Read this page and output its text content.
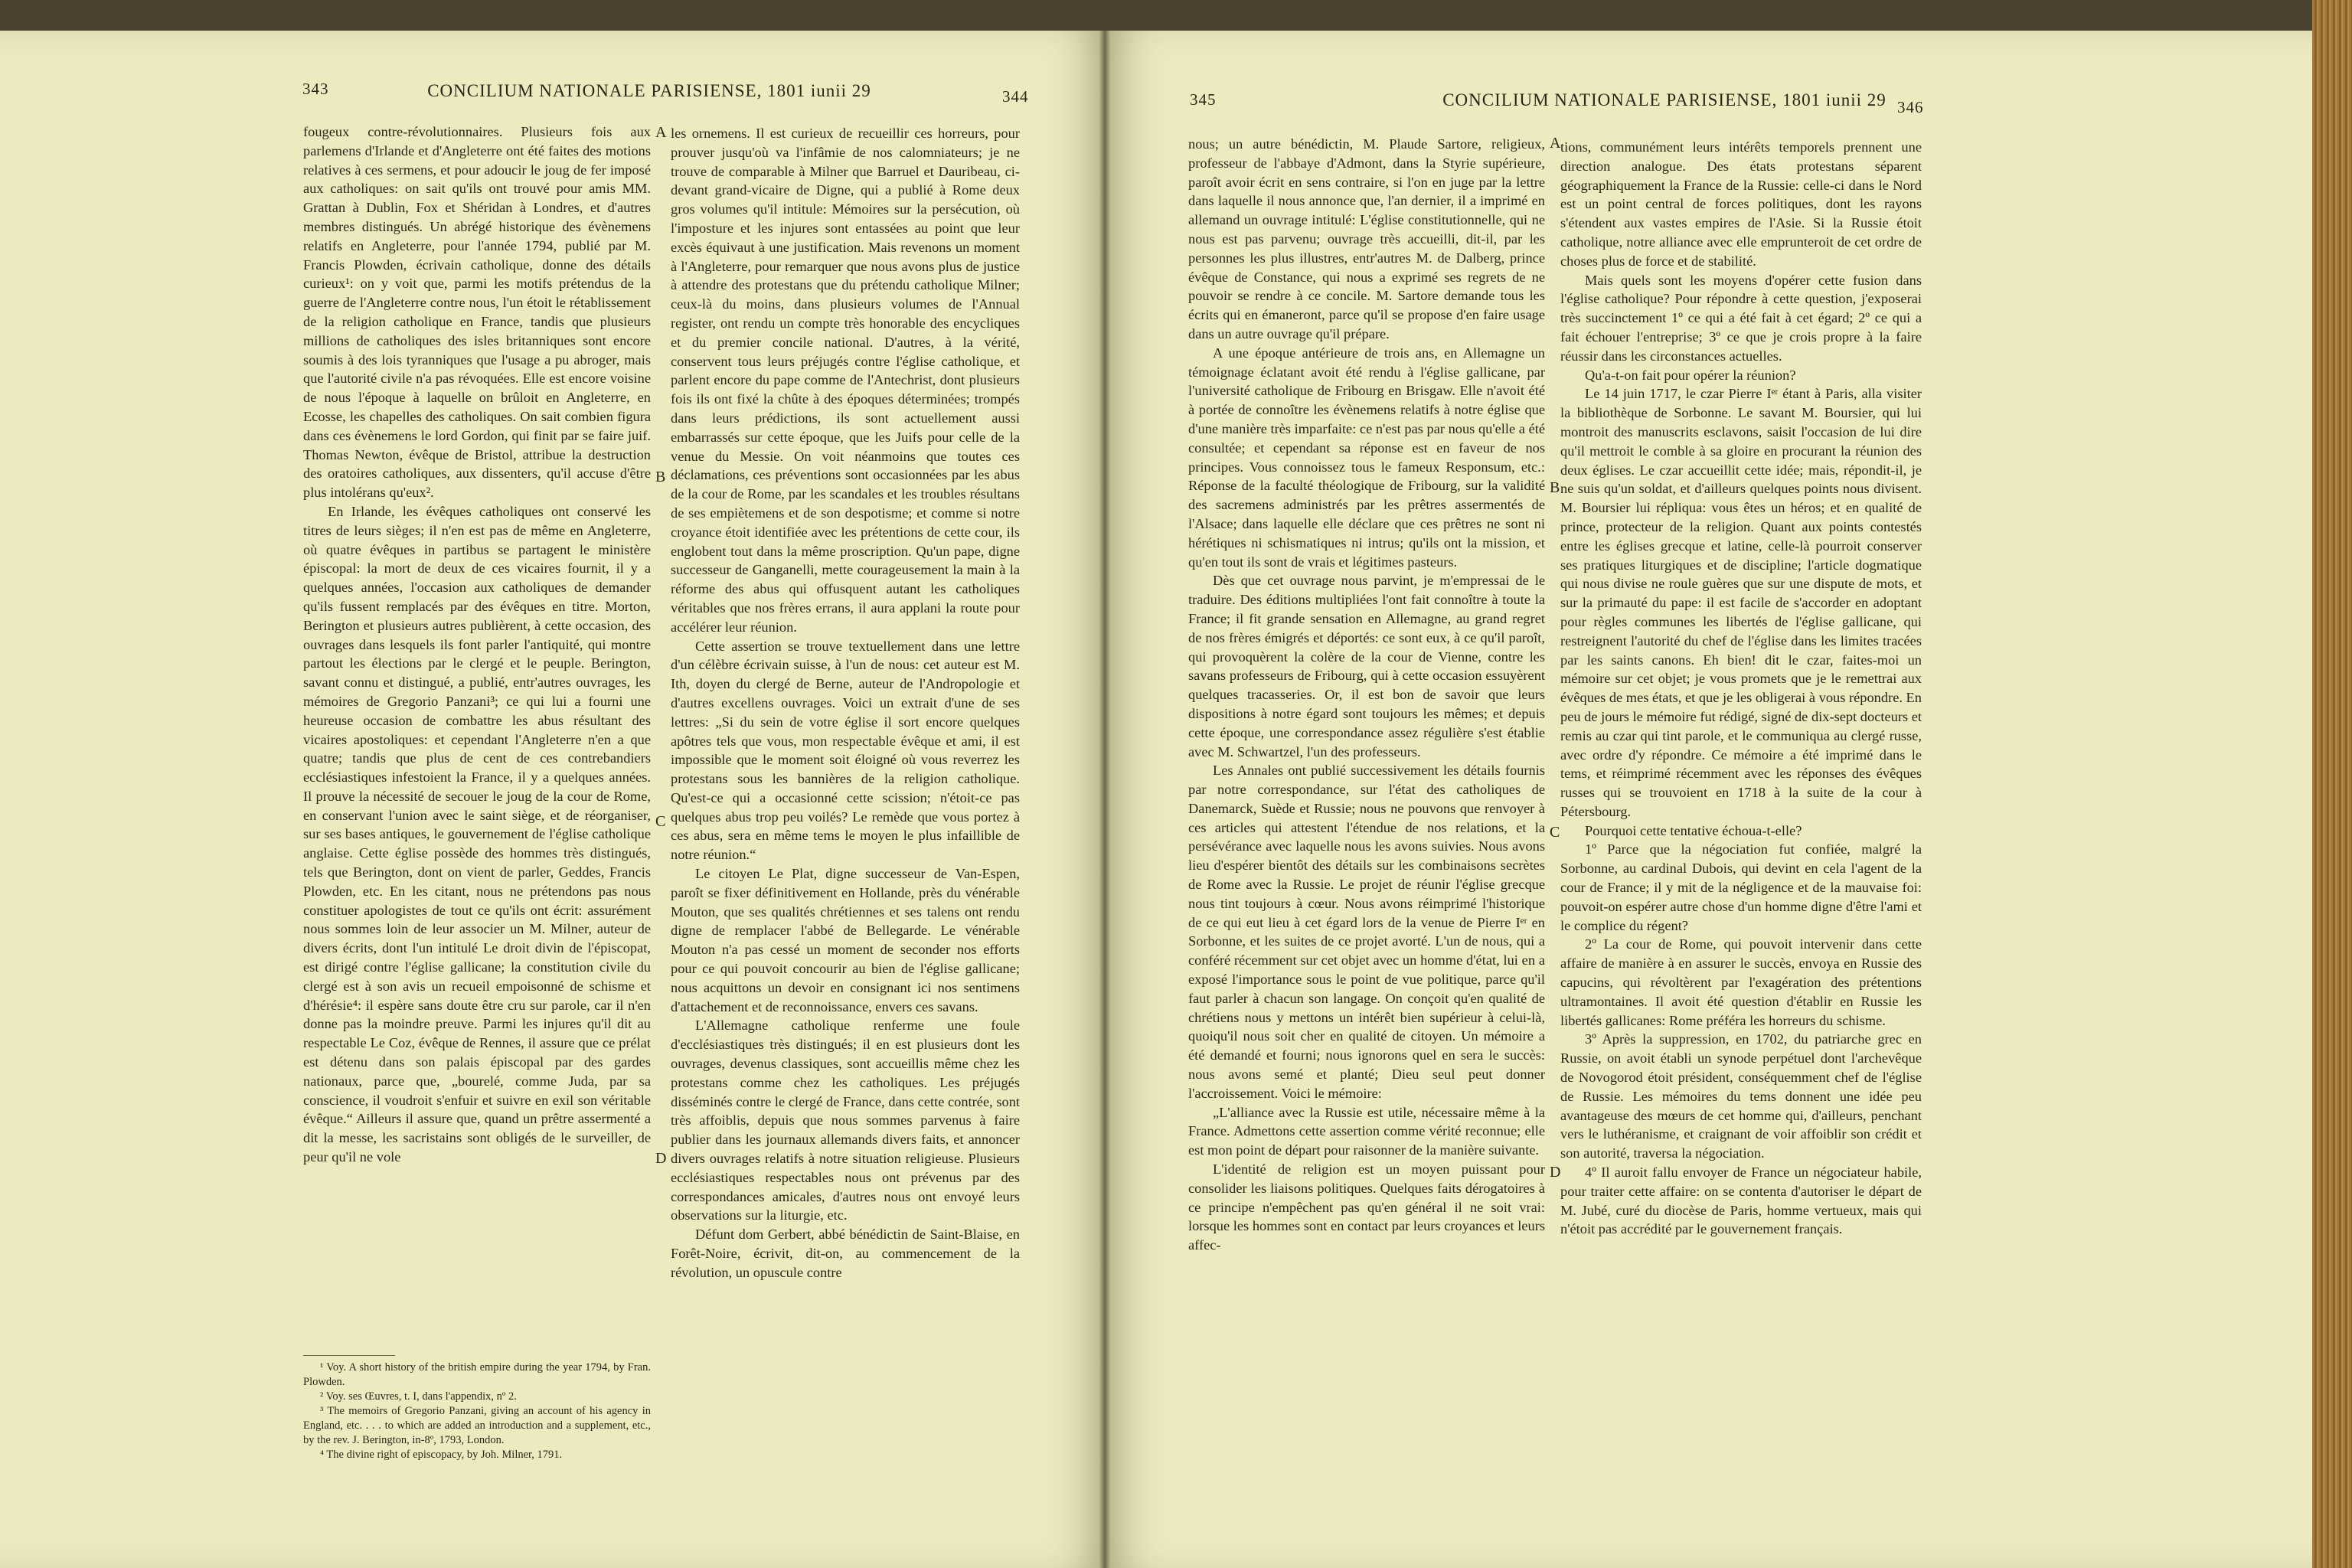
343	CONCILIUM NATIONALE PARISIENSE, 1801 iunii 29	344	345	CONCILIUM NATIONALE PARISIENSE, 1801 iunii 29 346

fougeux contre-révolutionnaires. Plusieurs fois aux parlemens d'Irlande et d'Angleterre ont été faites des motions relatives à ces sermens, et pour adoucir le joug de fer imposé aux catholiques: on sait qu'ils ont trouvé pour amis MM. Grattan à Dublin, Fox et Shéridan à Londres, et d'autres membres distingués. Un abrégé historique des évènemens relatifs en Angleterre, pour l'année 1794, publié par M. Francis Plowden, écrivain catholique, donne des détails curieux¹: on y voit que, parmi les motifs prétendus de la guerre de l'Angleterre contre nous, l'un étoit le rétablissement de la religion catholique en France, tandis que plusieurs millions de catholiques des isles britanniques sont encore soumis à des lois tyranniques que l'usage a pu abroger, mais que l'autorité civile n'a pas révoquées. Elle est encore voisine de nous l'époque à laquelle on brûloit en Angleterre, en Ecosse, les chapelles des catholiques. On sait combien figura dans ces évènemens le lord Gordon, qui finit par se faire juif. Thomas Newton, évêque de Bristol, attribue la destruction des oratoires catholiques, aux dissenters, qu'il accuse d'être plus intolérans qu'eux².

En Irlande, les évêques catholiques ont conservé les titres de leurs sièges; il n'en est pas de même en Angleterre, où quatre évêques in partibus se partagent le ministère épiscopal: la mort de deux de ces vicaires fournit, il y a quelques années, l'occasion aux catholiques de demander qu'ils fussent remplacés par des évêques en titre. Morton, Berington et plusieurs autres publièrent, à cette occasion, des ouvrages dans lesquels ils font parler l'antiquité, qui montre partout les élections par le clergé et le peuple. Berington, savant connu et distingué, a publié, entr'autres ouvrages, les mémoires de Gregorio Panzani³; ce qui lui a fourni une heureuse occasion de combattre les abus résultant des vicaires apostoliques: et cependant l'Angleterre n'en a que quatre; tandis que plus de cent de ces contrebandiers ecclésiastiques infestoient la France, il y a quelques années. Il prouve la nécessité de secouer le joug de la cour de Rome, en conservant l'union avec le saint siège, et de réorganiser, sur ses bases antiques, le gouvernement de l'église catholique anglaise. Cette église possède des hommes très distingués, tels que Berington, dont on vient de parler, Geddes, Francis Plowden, etc. En les citant, nous ne prétendons pas nous constituer apologistes de tout ce qu'ils ont écrit: assurément nous sommes loin de leur associer un M. Milner, auteur de divers écrits, dont l'un intitulé Le droit divin de l'épiscopat, est dirigé contre l'église gallicane; la constitution civile du clergé est à son avis un recueil empoisonné de schisme et d'hérésie⁴: il espère sans doute être cru sur parole, car il n'en donne pas la moindre preuve. Parmi les injures qu'il dit au respectable Le Coz, évêque de Rennes, il assure que ce prélat est détenu dans son palais épiscopal par des gardes nationaux, parce que, „bourelé, comme Juda, par sa conscience, il voudroit s'enfuir et suivre en exil son véritable évêque.“ Ailleurs il assure que, quand un prêtre assermenté a dit la messe, les sacristains sont obligés de le surveiller, de peur qu'il ne vole

¹ Voy. A short history of the british empire during the year 1794, by Fran. Plowden.

² Voy. ses Œuvres, t. I, dans l'appendix, nº 2.

³ The memoirs of Gregorio Panzani, giving an account of his agency in England, etc. . . . to which are added an introduction and a supplement, etc., by the rev. J. Berington, in-8º, 1793, London.

⁴ The divine right of episcopacy, by Joh. Milner, 1791.

les ornemens. Il est curieux de recueillir ces horreurs, pour prouver jusqu'où va l'infâmie de nos calomniateurs; je ne trouve de comparable à Milner que Barruel et Dauribeau, ci-devant grand-vicaire de Digne, qui a publié à Rome deux gros volumes qu'il intitule: Mémoires sur la persécution, où l'imposture et les injures sont entassées au point que leur excès équivaut à une justification. Mais revenons un moment à l'Angleterre, pour remarquer que nous avons plus de justice à attendre des protestans que du prétendu catholique Milner; ceux-là du moins, dans plusieurs volumes de l'Annual register, ont rendu un compte très honorable des encycliques et du premier concile national. D'autres, à la vérité, conservent tous leurs préjugés contre l'église catholique, et parlent encore du pape comme de l'Antechrist, dont plusieurs fois ils ont fixé la chûte à des époques déterminées; trompés dans leurs prédictions, ils sont actuellement aussi embarrassés sur cette époque, que les Juifs pour celle de la venue du Messie. On voit néanmoins que toutes ces déclamations, ces préventions sont occasionnées par les abus de la cour de Rome, par les scandales et les troubles résultans de ses empiètemens et de son despotisme; et comme si notre croyance étoit identifiée avec les prétentions de cette cour, ils englobent tout dans la même proscription. Qu'un pape, digne successeur de Ganganelli, mette courageusement la main à la réforme des abus qui offusquent autant les catholiques véritables que nos frères errans, il aura applani la route pour accélérer leur réunion.

Cette assertion se trouve textuellement dans une lettre d'un célèbre écrivain suisse, à l'un de nous: cet auteur est M. Ith, doyen du clergé de Berne, auteur de l'Andropologie et d'autres excellens ouvrages. Voici un extrait d'une de ses lettres: „Si du sein de votre église il sort encore quelques apôtres tels que vous, mon respectable évêque et ami, il est impossible que le moment soit éloigné où vous reverrez les protestans sous les bannières de la religion catholique. Qu'est-ce qui a occasionné cette scission; n'étoit-ce pas quelques abus trop peu voilés? Le remède que vous portez à ces abus, sera en même tems le moyen le plus infaillible de notre réunion.“

Le citoyen Le Plat, digne successeur de Van-Espen, paroît se fixer définitivement en Hollande, près du vénérable Mouton, que ses qualités chrétiennes et ses talens ont rendu digne de remplacer l'abbé de Bellegarde. Le vénérable Mouton n'a pas cessé un moment de seconder nos efforts pour ce qui pouvoit concourir au bien de l'église gallicane; nous acquittons un devoir en consignant ici nos sentimens d'attachement et de reconnoissance, envers ces savans.

L'Allemagne catholique renferme une foule d'ecclésiastiques très distingués; il en est plusieurs dont les ouvrages, devenus classiques, sont accueillis même chez les protestans comme chez les catholiques. Les préjugés disséminés contre le clergé de France, dans cette contrée, sont très affoiblis, depuis que nous sommes parvenus à faire publier dans les journaux allemands divers faits, et annoncer divers ouvrages relatifs à notre situation religieuse. Plusieurs ecclésiastiques respectables nous ont prévenus par des correspondances amicales, d'autres nous ont envoyé leurs observations sur la liturgie, etc.

Défunt dom Gerbert, abbé bénédictin de Saint-Blaise, en Forêt-Noire, écrivit, dit-on, au commencement de la révolution, un opuscule contre

A
B
C
D

nous; un autre bénédictin, M. Plaude Sartore, religieux, professeur de l'abbaye d'Admont, dans la Styrie supérieure, paroît avoir écrit en sens contraire, si l'on en juge par la lettre dans laquelle il nous annonce que, l'an dernier, il a imprimé en allemand un ouvrage intitulé: L'église constitutionnelle, qui ne nous est pas parvenu; ouvrage très accueilli, dit-il, par les personnes les plus illustres, entr'autres M. de Dalberg, prince évêque de Constance, qui nous a exprimé ses regrets de ne pouvoir se rendre à ce concile. M. Sartore demande tous les écrits qui en émaneront, parce qu'il se propose d'en faire usage dans un autre ouvrage qu'il prépare.

A une époque antérieure de trois ans, en Allemagne un témoignage éclatant avoit été rendu à l'église gallicane, par l'université catholique de Fribourg en Brisgaw. Elle n'avoit été à portée de connoître les évènemens relatifs à notre église que d'une manière très imparfaite: ce n'est pas par nous qu'elle a été consultée; et cependant sa réponse est en faveur de nos principes. Vous connoissez tous le fameux Responsum, etc.: Réponse de la faculté théologique de Fribourg, sur la validité des sacremens administrés par les prêtres assermentés de l'Alsace; dans laquelle elle déclare que ces prêtres ne sont ni hérétiques ni schismatiques ni intrus; qu'ils ont la mission, et qu'en tout ils sont de vrais et légitimes pasteurs.

Dès que cet ouvrage nous parvint, je m'empressai de le traduire. Des éditions multipliées l'ont fait connoître à toute la France; il fit grande sensation en Allemagne, au grand regret de nos frères émigrés et déportés: ce sont eux, à ce qu'il paroît, qui provoquèrent la colère de la cour de Vienne, contre les savans professeurs de Fribourg, qui à cette occasion essuyèrent quelques tracasseries. Or, il est bon de savoir que leurs dispositions à notre égard sont toujours les mêmes; et depuis cette époque, une correspondance assez régulière s'est établie avec M. Schwartzel, l'un des professeurs.

Les Annales ont publié successivement les détails fournis par notre correspondance, sur l'état des catholiques de Danemarck, Suède et Russie; nous ne pouvons que renvoyer à ces articles qui attestent l'étendue de nos relations, et la persévérance avec laquelle nous les avons suivies. Nous avons lieu d'espérer bientôt des détails sur les combinaisons secrètes de Rome avec la Russie. Le projet de réunir l'église grecque nous tint toujours à cœur. Nous avons réimprimé l'historique de ce qui eut lieu à cet égard lors de la venue de Pierre Iᵉʳ en Sorbonne, et les suites de ce projet avorté. L'un de nous, qui a conféré récemment sur cet objet avec un homme d'état, lui en a exposé l'importance sous le point de vue politique, parce qu'il faut parler à chacun son langage. On conçoit qu'en qualité de chrétiens nous y mettons un intérêt bien supérieur à celui-là, quoiqu'il nous soit cher en qualité de citoyen. Un mémoire a été demandé et fourni; nous ignorons quel en sera le succès: nous avons semé et planté; Dieu seul peut donner l'accroissement. Voici le mémoire:

„L'alliance avec la Russie est utile, nécessaire même à la France. Admettons cette assertion comme vérité reconnue; elle est mon point de départ pour raisonner de la manière suivante.

L'identité de religion est un moyen puissant pour consolider les liaisons politiques. Quelques faits dérogatoires à ce principe n'empêchent pas qu'en général il ne soit vrai: lorsque les hommes sont en contact par leurs croyances et leurs affec-

A
B
C
D

tions, communément leurs intérêts temporels prennent une direction analogue. Des états protestans séparent géographiquement la France de la Russie: celle-ci dans le Nord est un point central de forces politiques, dont les rayons s'étendent aux vastes empires de l'Asie. Si la Russie étoit catholique, notre alliance avec elle emprunteroit de cet ordre de choses plus de force et de stabilité.

Mais quels sont les moyens d'opérer cette fusion dans l'église catholique? Pour répondre à cette question, j'exposerai très succinctement 1º ce qui a été fait à cet égard; 2º ce qui a fait échouer l'entreprise; 3º ce que je crois propre à la faire réussir dans les circonstances actuelles.

Qu'a-t-on fait pour opérer la réunion?

Le 14 juin 1717, le czar Pierre Iᵉʳ étant à Paris, alla visiter la bibliothèque de Sorbonne. Le savant M. Boursier, qui lui montroit des manuscrits esclavons, saisit l'occasion de lui dire qu'il mettroit le comble à sa gloire en procurant la réunion des deux églises. Le czar accueillit cette idée; mais, répondit-il, je ne suis qu'un soldat, et d'ailleurs quelques points nous divisent. M. Boursier lui répliqua: vous êtes un héros; et en qualité de prince, protecteur de la religion. Quant aux points contestés entre les églises grecque et latine, celle-là pourroit conserver ses pratiques liturgiques et de discipline; l'article dogmatique qui nous divise ne roule guères que sur une dispute de mots, et sur la primauté du pape: il est facile de s'accorder en adoptant pour règles communes les libertés de l'église gallicane, qui restreignent l'autorité du chef de l'église dans les limites tracées par les saints canons. Eh bien! dit le czar, faites-moi un mémoire sur cet objet; je vous promets que je le remettrai aux évêques de mes états, et que je les obligerai à vous répondre. En peu de jours le mémoire fut rédigé, signé de dix-sept docteurs et remis au czar qui tint parole, et le communiqua au clergé russe, avec ordre d'y répondre. Ce mémoire a été imprimé dans le tems, et réimprimé récemment avec les réponses des évêques russes qui se trouvoient en 1718 à la suite de la cour à Pétersbourg.

Pourquoi cette tentative échoua-t-elle?

1º Parce que la négociation fut confiée, malgré la Sorbonne, au cardinal Dubois, qui devint en cela l'agent de la cour de France; il y mit de la négligence et de la mauvaise foi: pouvoit-on espérer autre chose d'un homme digne d'être l'ami et le complice du régent?

2º La cour de Rome, qui pouvoit intervenir dans cette affaire de manière à en assurer le succès, envoya en Russie des capucins, qui révoltèrent par l'exagération des prétentions ultramontaines. Il avoit été question d'établir en Russie les libertés gallicanes: Rome préféra les horreurs du schisme.

3º Après la suppression, en 1702, du patriarche grec en Russie, on avoit établi un synode perpétuel dont l'archevêque de Novogorod étoit président, conséquemment chef de l'église de Russie. Les mémoires du tems donnent une idée peu avantageuse des mœurs de cet homme qui, d'ailleurs, penchant vers le luthéranisme, et craignant de voir affoiblir son crédit et son autorité, traversa la négociation.

4º Il auroit fallu envoyer de France un négociateur habile, pour traiter cette affaire: on se contenta d'autoriser le départ de M. Jubé, curé du diocèse de Paris, homme vertueux, mais qui n'étoit pas accrédité par le gouvernement français.
